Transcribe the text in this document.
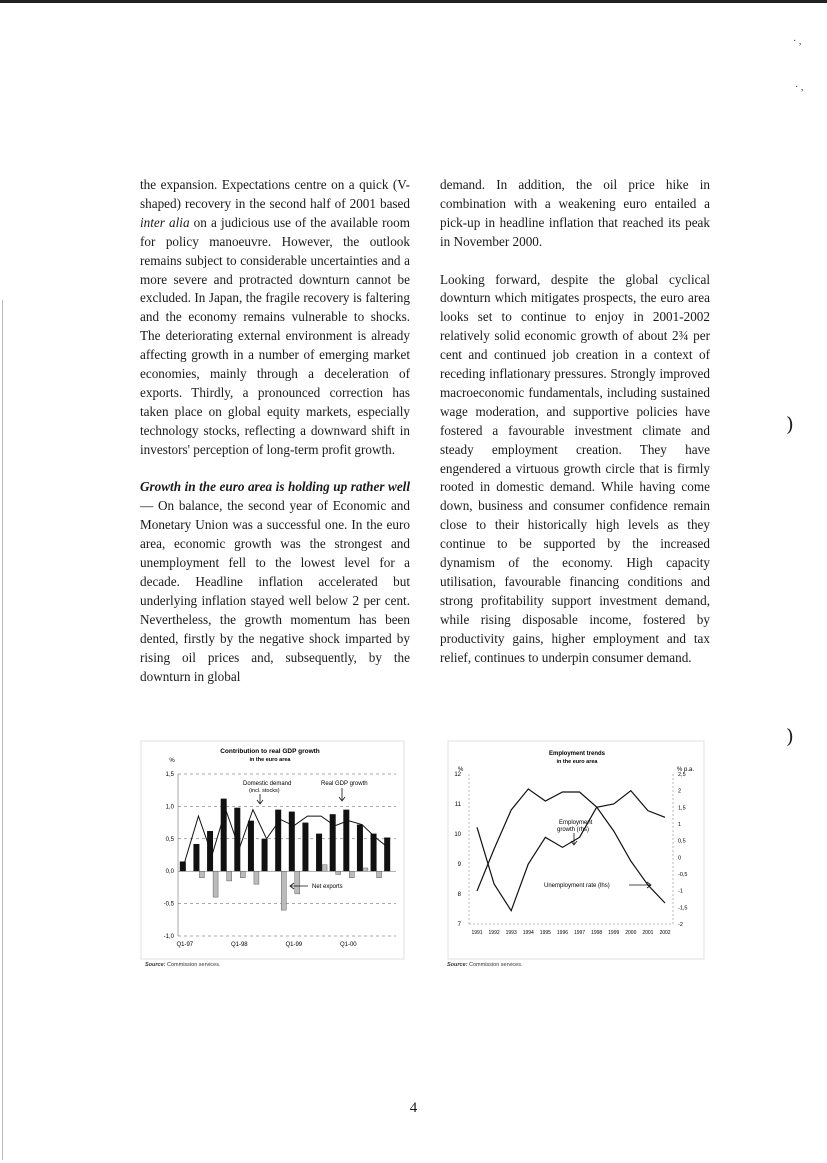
· ,
· ,
)
)

the expansion. Expectations centre on a quick (V-shaped) recovery in the second half of 2001 based inter alia on a judicious use of the available room for policy manoeuvre. However, the outlook remains subject to considerable uncertainties and a more severe and protracted downturn cannot be excluded. In Japan, the fragile recovery is faltering and the economy remains vulnerable to shocks. The deteriorating external environment is already affecting growth in a number of emerging market economies, mainly through a deceleration of exports. Thirdly, a pronounced correction has taken place on global equity markets, especially technology stocks, reflecting a downward shift in investors' perception of long-term profit growth.

Growth in the euro area is holding up rather well — On balance, the second year of Economic and Monetary Union was a successful one. In the euro area, economic growth was the strongest and unemployment fell to the lowest level for a decade. Headline inflation accelerated but underlying inflation stayed well below 2 per cent. Nevertheless, the growth momentum has been dented, firstly by the negative shock imparted by rising oil prices and, subsequently, by the downturn in global

demand. In addition, the oil price hike in combination with a weakening euro entailed a pick-up in headline inflation that reached its peak in November 2000.

Looking forward, despite the global cyclical downturn which mitigates prospects, the euro area looks set to continue to enjoy in 2001-2002 relatively solid economic growth of about 2¾ per cent and continued job creation in a context of receding inflationary pressures. Strongly improved macroeconomic fundamentals, including sustained wage moderation, and supportive policies have fostered a favourable investment climate and steady employment creation. They have engendered a virtuous growth circle that is firmly rooted in domestic demand. While having come down, business and consumer confidence remain close to their historically high levels as they continue to be supported by the increased dynamism of the economy. High capacity utilisation, favourable financing conditions and strong profitability support investment demand, while rising disposable income, fostered by productivity gains, higher employment and tax relief, continues to underpin consumer demand.

Contribution to real GDP growth
in the euro area
%
1,5
1,0
0,5
0,0
-0,5
-1,0
Q1-97	Q1-98	Q1-99	Q1-00
Domestic demand
(incl. stocks)
Real GDP growth
Net exports
Source: Commission services.
Employment trends
in the euro area
%	% p.a.
12
11
10
9
8
7
2,5
2
1,5
1
0,5
0
-0,5
-1
-1,5
-2
1991 1992 1993 1994 1995 1996 1997 1998 1999 2000 2001 2002
Employment
growth (rhs)
Unemployment rate (lhs)
Source: Commission services.
4
